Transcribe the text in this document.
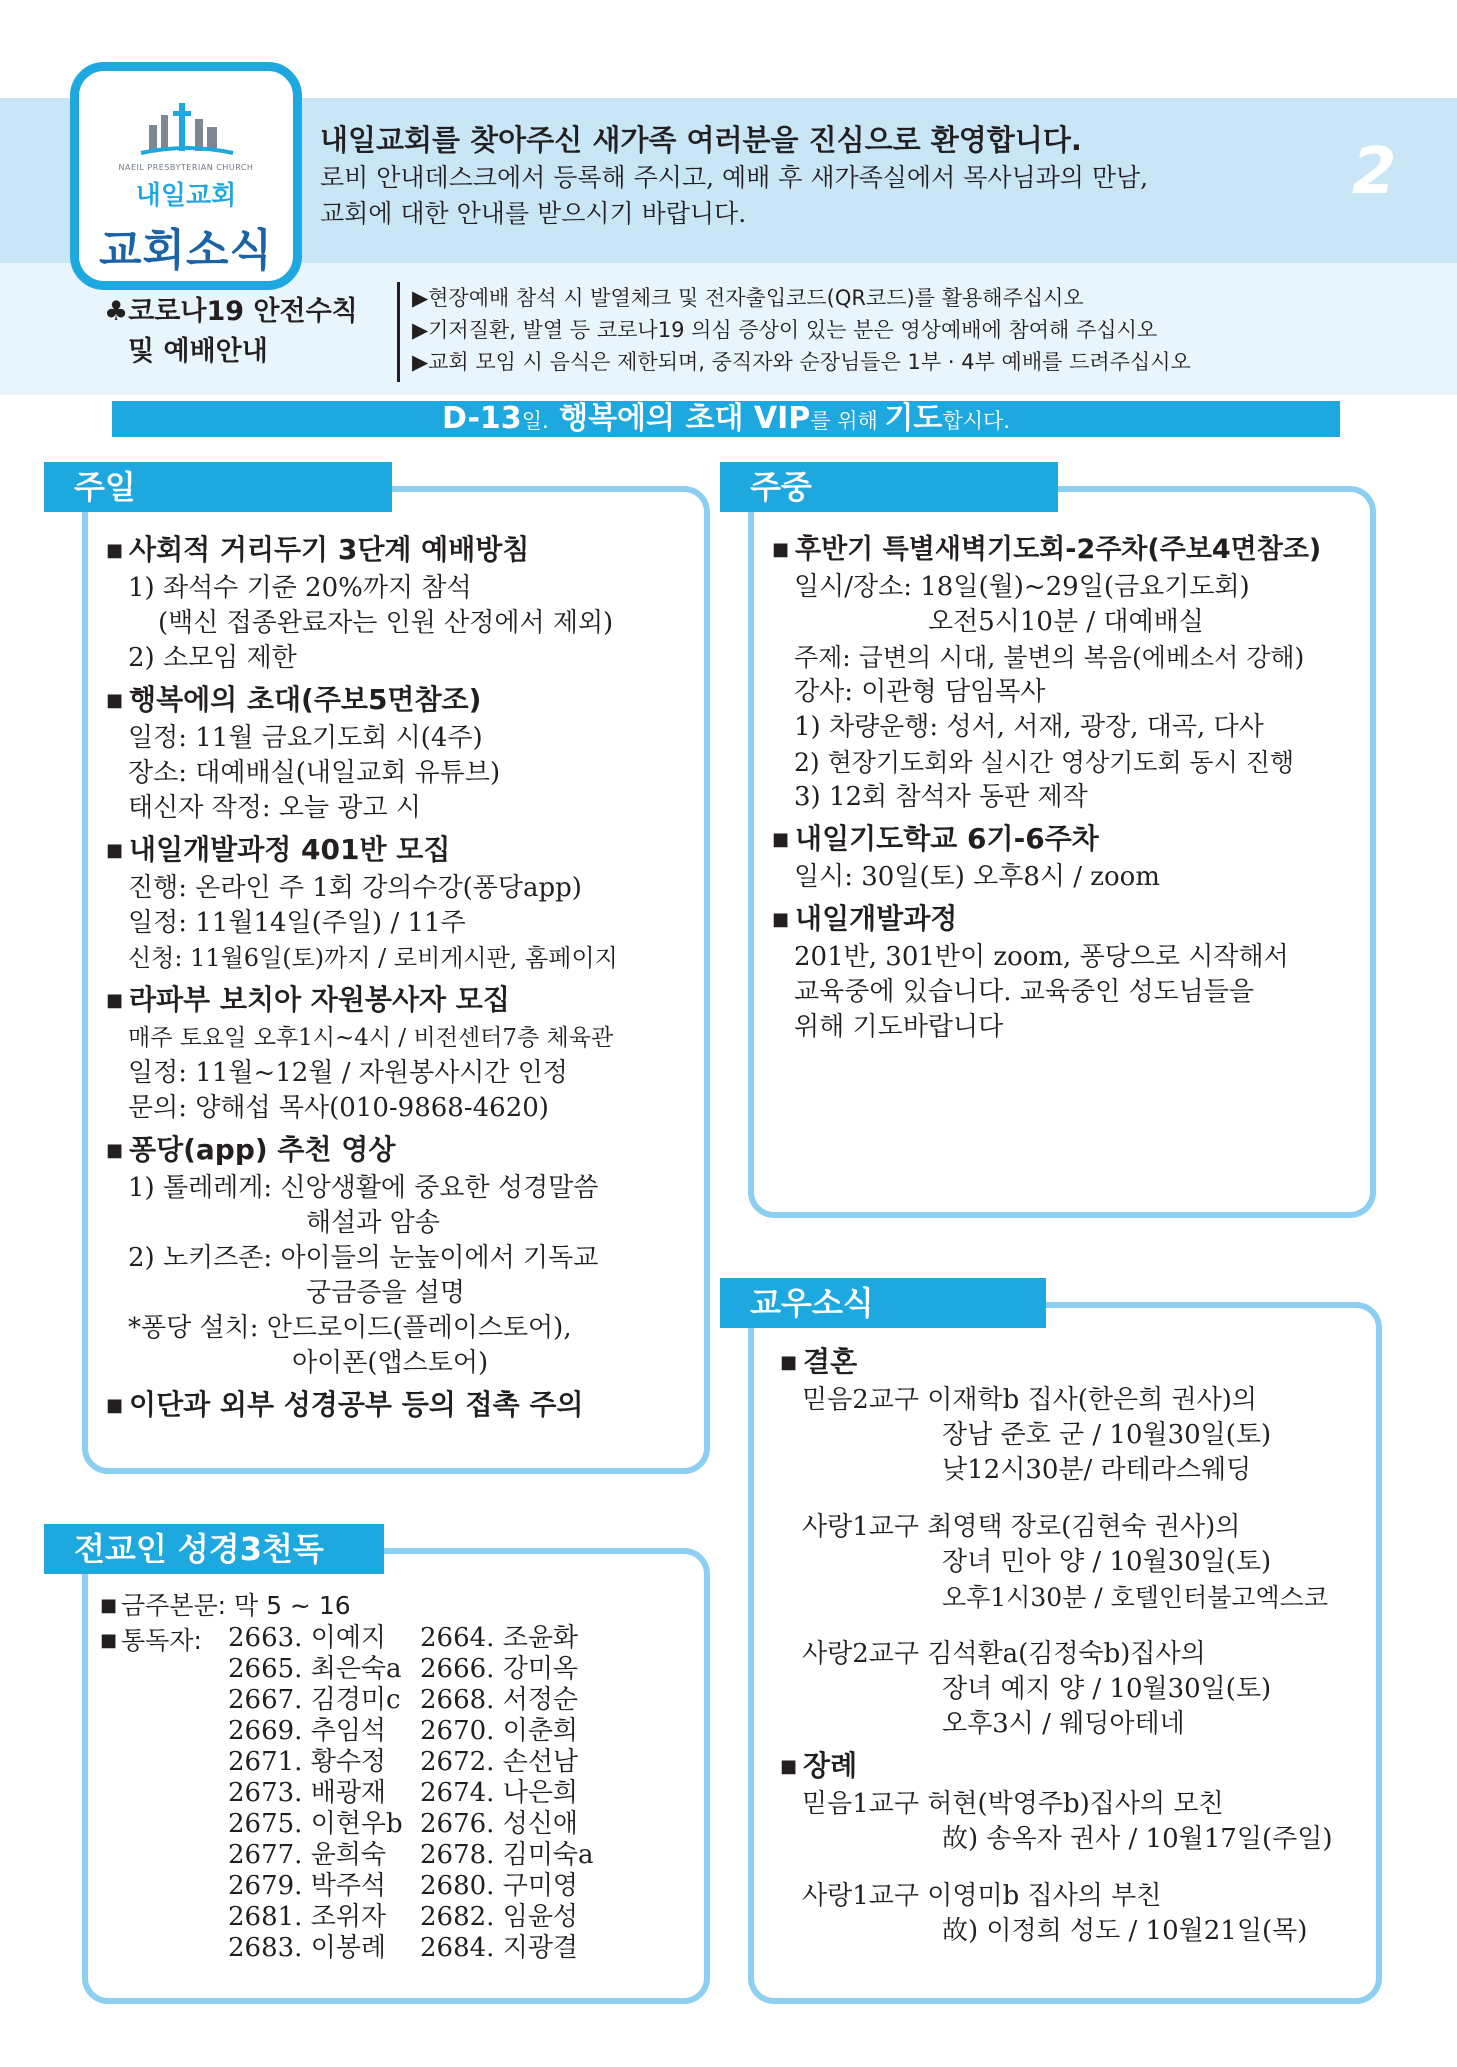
NAEIL PRESBYTERIAN CHURCH
내일교회
교회소식
내일교회를 찾아주신 새가족 여러분을 진심으로 환영합니다.
로비 안내데스크에서 등록해 주시고, 예배 후 새가족실에서 목사님과의 만남,
교회에 대한 안내를 받으시기 바랍니다.
2
♣코로나19 안전수칙
및 예배안내
▶현장예배 참석 시 발열체크 및 전자출입코드(QR코드)를 활용해주십시오
▶기저질환, 발열 등 코로나19 의심 증상이 있는 분은 영상예배에 참여해 주십시오
▶교회 모임 시 음식은 제한되며, 중직자와 순장님들은 1부 · 4부 예배를 드려주십시오
D-13일. 행복에의 초대 VIP를 위해 기도합시다.
주일
■ 사회적 거리두기 3단계 예배방침
1) 좌석수 기준 20%까지 참석
(백신 접종완료자는 인원 산정에서 제외)
2) 소모임 제한
■ 행복에의 초대(주보5면참조)
일정: 11월 금요기도회 시(4주)
장소: 대예배실(내일교회 유튜브)
태신자 작정: 오늘 광고 시
■ 내일개발과정 401반 모집
진행: 온라인 주 1회 강의수강(퐁당app)
일정: 11월14일(주일) / 11주
신청: 11월6일(토)까지 / 로비게시판, 홈페이지
■ 라파부 보치아 자원봉사자 모집
매주 토요일 오후1시~4시 / 비전센터7층 체육관
일정: 11월~12월 / 자원봉사시간 인정
문의: 양해섭 목사(010-9868-4620)
■ 퐁당(app) 추천 영상
1) 톨레레게: 신앙생활에 중요한 성경말씀
해설과 암송
2) 노키즈존: 아이들의 눈높이에서 기독교
궁금증을 설명
*퐁당 설치: 안드로이드(플레이스토어),
아이폰(앱스토어)
■ 이단과 외부 성경공부 등의 접촉 주의
주중
■ 후반기 특별새벽기도회-2주차(주보4면참조)
일시/장소: 18일(월)~29일(금요기도회)
오전5시10분 / 대예배실
주제: 급변의 시대, 불변의 복음(에베소서 강해)
강사: 이관형 담임목사
1) 차량운행: 성서, 서재, 광장, 대곡, 다사
2) 현장기도회와 실시간 영상기도회 동시 진행
3) 12회 참석자 동판 제작
■ 내일기도학교 6기-6주차
일시: 30일(토) 오후8시 / zoom
■ 내일개발과정
201반, 301반이 zoom, 퐁당으로 시작해서
교육중에 있습니다. 교육중인 성도님들을
위해 기도바랍니다
전교인 성경3천독
■ 금주본문: 막 5 ~ 16
■ 통독자:	2663. 이예지 2664. 조윤화
2665. 최은숙a 2666. 강미옥
2667. 김경미c 2668. 서정순
2669. 추임석 2670. 이춘희
2671. 황수정 2672. 손선남
2673. 배광재 2674. 나은희
2675. 이현우b 2676. 성신애
2677. 윤희숙 2678. 김미숙a
2679. 박주석 2680. 구미영
2681. 조위자 2682. 임윤성
2683. 이봉례 2684. 지광결
교우소식
■ 결혼
믿음2교구 이재학b 집사(한은희 권사)의
장남 준호 군 / 10월30일(토)
낮12시30분/ 라테라스웨딩
사랑1교구 최영택 장로(김현숙 권사)의
장녀 민아 양 / 10월30일(토)
오후1시30분 / 호텔인터불고엑스코
사랑2교구 김석환a(김정숙b)집사의
장녀 예지 양 / 10월30일(토)
오후3시 / 웨딩아테네
■ 장례
믿음1교구 허현(박영주b)집사의 모친
故) 송옥자 권사 / 10월17일(주일)
사랑1교구 이영미b 집사의 부친
故) 이정희 성도 / 10월21일(목)
